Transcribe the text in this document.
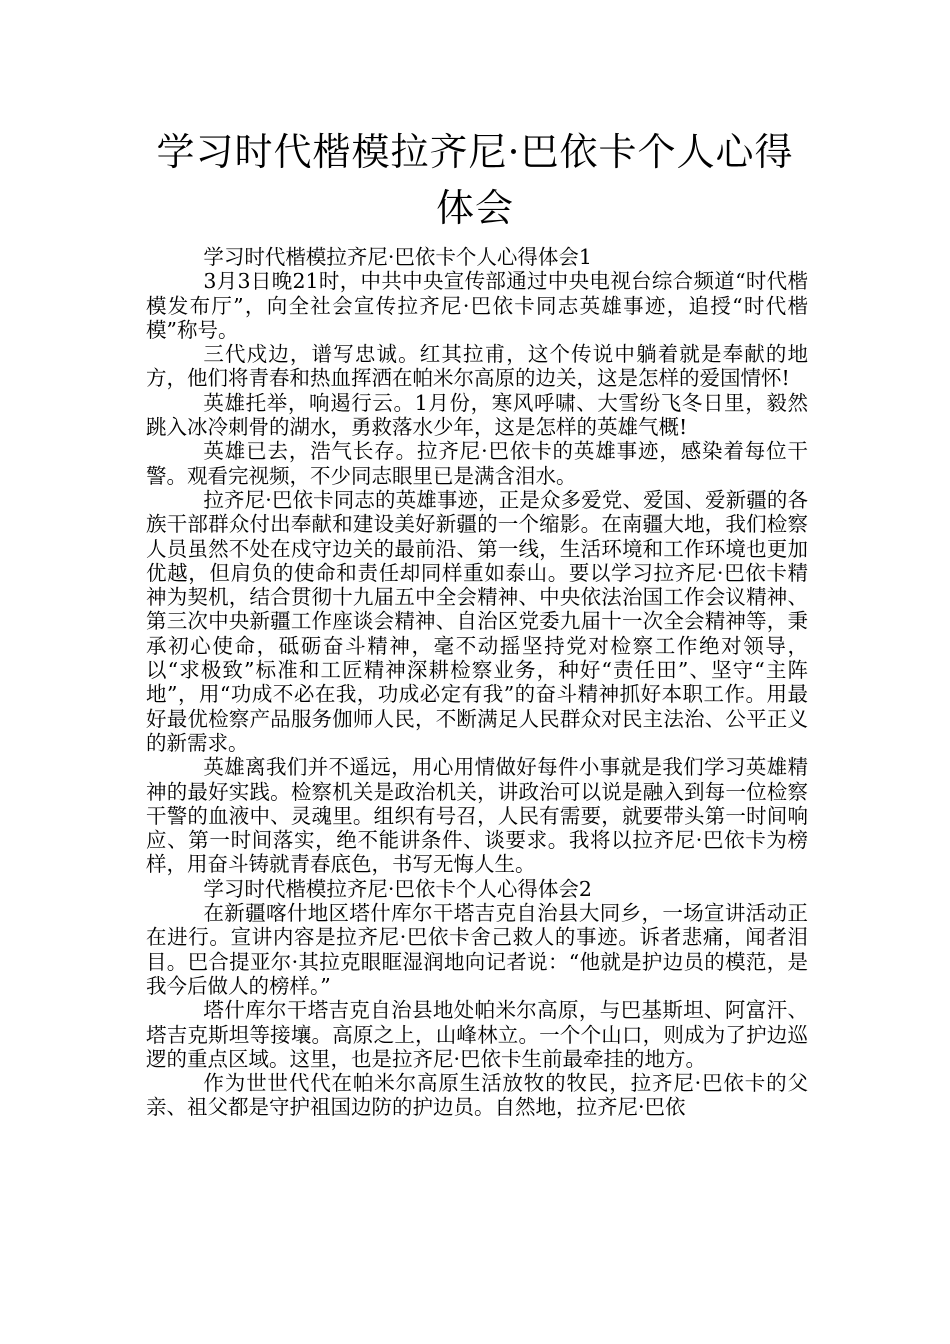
学习时代楷模拉齐尼·巴依卡个人心得体会

学习时代楷模拉齐尼·巴依卡个人心得体会1

3月3日晚21时，中共中央宣传部通过中央电视台综合频道“时代楷模发布厅”，向全社会宣传拉齐尼·巴依卡同志英雄事迹，追授“时代楷模”称号。

三代戍边，谱写忠诚。红其拉甫，这个传说中躺着就是奉献的地方，他们将青春和热血挥洒在帕米尔高原的边关，这是怎样的爱国情怀!

英雄托举，响遏行云。1月份，寒风呼啸、大雪纷飞冬日里，毅然跳入冰冷刺骨的湖水，勇救落水少年，这是怎样的英雄气概!

英雄已去，浩气长存。拉齐尼·巴依卡的英雄事迹，感染着每位干警。观看完视频，不少同志眼里已是满含泪水。

拉齐尼·巴依卡同志的英雄事迹，正是众多爱党、爱国、爱新疆的各族干部群众付出奉献和建设美好新疆的一个缩影。在南疆大地，我们检察人员虽然不处在戍守边关的最前沿、第一线，生活环境和工作环境也更加优越，但肩负的使命和责任却同样重如泰山。要以学习拉齐尼·巴依卡精神为契机，结合贯彻十九届五中全会精神、中央依法治国工作会议精神、第三次中央新疆工作座谈会精神、自治区党委九届十一次全会精神等，秉承初心使命，砥砺奋斗精神，毫不动摇坚持党对检察工作绝对领导，以“求极致”标准和工匠精神深耕检察业务，种好“责任田”、坚守“主阵地”，用“功成不必在我，功成必定有我”的奋斗精神抓好本职工作。用最好最优检察产品服务伽师人民，不断满足人民群众对民主法治、公平正义的新需求。

英雄离我们并不遥远，用心用情做好每件小事就是我们学习英雄精神的最好实践。检察机关是政治机关，讲政治可以说是融入到每一位检察干警的血液中、灵魂里。组织有号召，人民有需要，就要带头第一时间响应、第一时间落实，绝不能讲条件、谈要求。我将以拉齐尼·巴依卡为榜样，用奋斗铸就青春底色，书写无悔人生。

学习时代楷模拉齐尼·巴依卡个人心得体会2

在新疆喀什地区塔什库尔干塔吉克自治县大同乡，一场宣讲活动正在进行。宣讲内容是拉齐尼·巴依卡舍己救人的事迹。诉者悲痛，闻者泪目。巴合提亚尔·其拉克眼眶湿润地向记者说：“他就是护边员的模范，是我今后做人的榜样。”

塔什库尔干塔吉克自治县地处帕米尔高原，与巴基斯坦、阿富汗、塔吉克斯坦等接壤。高原之上，山峰林立。一个个山口，则成为了护边巡逻的重点区域。这里，也是拉齐尼·巴依卡生前最牵挂的地方。

作为世世代代在帕米尔高原生活放牧的牧民，拉齐尼·巴依卡的父亲、祖父都是守护祖国边防的护边员。自然地，拉齐尼·巴依
